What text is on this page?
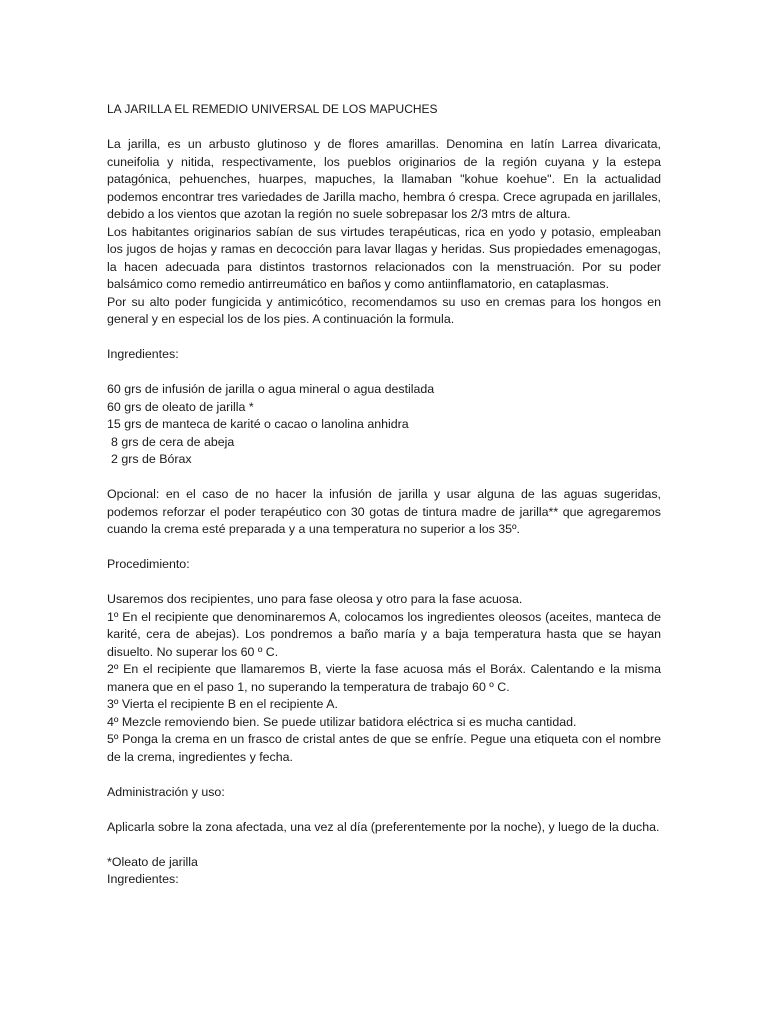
LA JARILLA EL REMEDIO UNIVERSAL DE LOS MAPUCHES

La jarilla, es un arbusto glutinoso y de flores amarillas. Denomina en latín Larrea divaricata, cuneifolia y nitida, respectivamente, los pueblos originarios de la región cuyana y la estepa patagónica, pehuenches, huarpes, mapuches, la llamaban "kohue koehue". En la actualidad podemos encontrar tres variedades de Jarilla macho, hembra ó crespa. Crece agrupada en jarillales, debido a los vientos que azotan la región no suele sobrepasar los 2/3 mtrs de altura.

Los habitantes originarios sabían de sus virtudes terapéuticas, rica en yodo y potasio, empleaban los jugos de hojas y ramas en decocción para lavar llagas y heridas. Sus propiedades emenagogas, la hacen adecuada para distintos trastornos relacionados con la menstruación. Por su poder balsámico como remedio antirreumático en baños y como antiinflamatorio, en cataplasmas.

Por su alto poder fungicida y antimicótico, recomendamos su uso en cremas para los hongos en general y en especial los de los pies. A continuación la formula.

Ingredientes:

60 grs de infusión de jarilla o agua mineral o agua destilada
60 grs de oleato de jarilla *
15 grs de manteca de karité o cacao o lanolina anhidra
8 grs de cera de abeja
2 grs de Bórax

Opcional: en el caso de no hacer la infusión de jarilla y usar alguna de las aguas sugeridas, podemos reforzar el poder terapéutico con 30 gotas de tintura madre de jarilla** que agregaremos cuando la crema esté preparada y a una temperatura no superior a los 35º.

Procedimiento:

Usaremos dos recipientes, uno para fase oleosa y otro para la fase acuosa.

1º En el recipiente que denominaremos A, colocamos los ingredientes oleosos (aceites, manteca de karité, cera de abejas). Los pondremos a baño maría y a baja temperatura hasta que se hayan disuelto. No superar los 60 º C.

2º En el recipiente que llamaremos B, vierte la fase acuosa más el Boráx. Calentando e la misma manera que en el paso 1, no superando la temperatura de trabajo 60 º C.

3º Vierta el recipiente B en el recipiente A.

4º Mezcle removiendo bien. Se puede utilizar batidora eléctrica si es mucha cantidad.

5º Ponga la crema en un frasco de cristal antes de que se enfríe. Pegue una etiqueta con el nombre de la crema, ingredientes y fecha.

Administración y uso:

Aplicarla sobre la zona afectada, una vez al día (preferentemente por la noche), y luego de la ducha.

*Oleato de jarilla

Ingredientes:
